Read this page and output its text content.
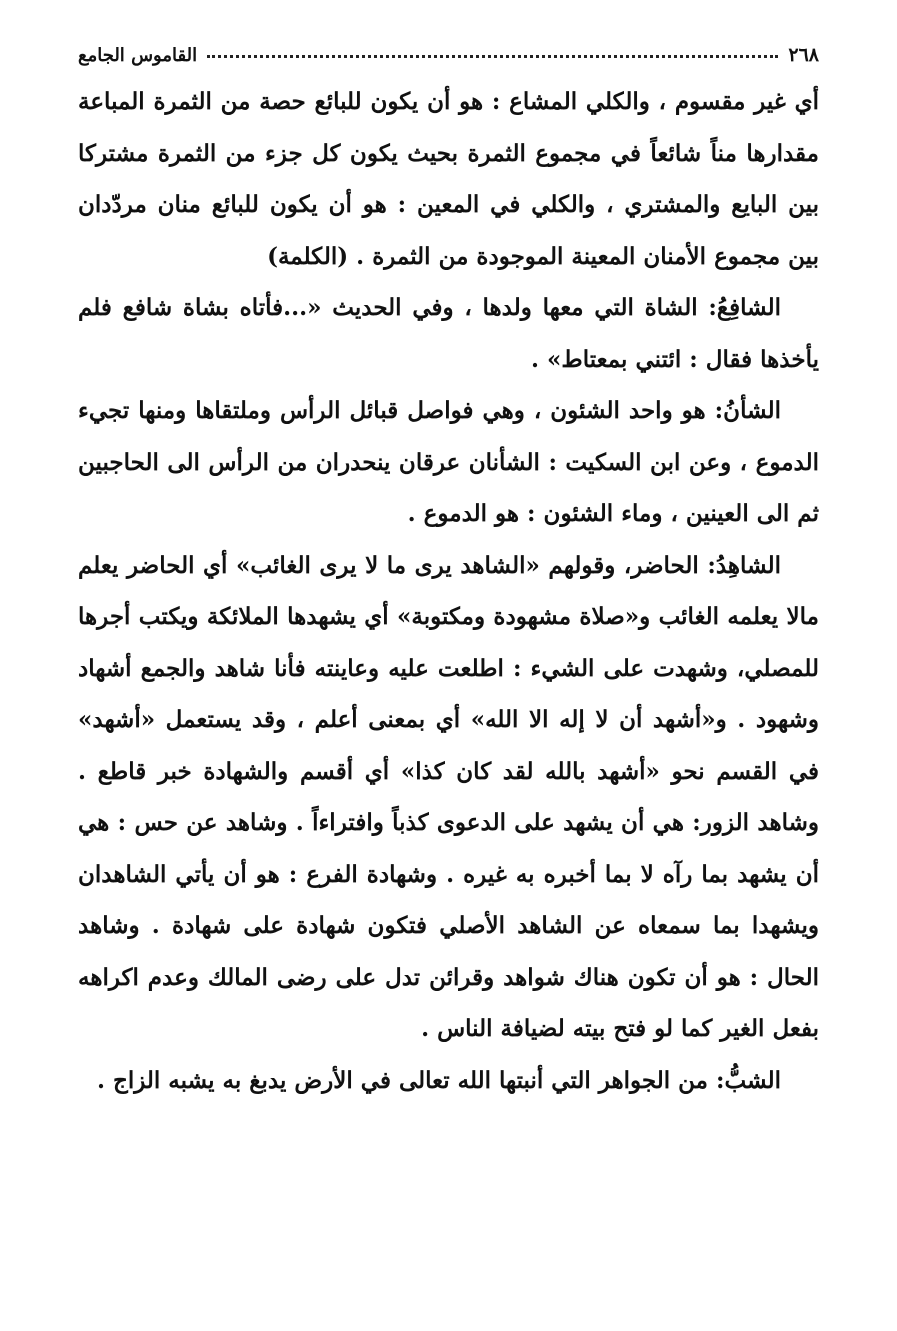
٢٦٨
القاموس الجامع

أي غير مقسوم ، والكلي المشاع : هو أن يكون للبائع حصة من الثمرة المباعة مقدارها مناً شائعاً في مجموع الثمرة بحيث يكون كل جزء من الثمرة مشتركا بين البايع والمشتري ، والكلي في المعين : هو أن يكون للبائع منان مردّدان بين مجموع الأمنان المعينة الموجودة من الثمرة . (الكلمة)

الشافِعُ: الشاة التي معها ولدها ، وفي الحديث «...فأتاه بشاة شافع فلم يأخذها فقال : ائتني بمعتاط» .

الشأنُ: هو واحد الشئون ، وهي فواصل قبائل الرأس وملتقاها ومنها تجيء الدموع ، وعن ابن السكيت : الشأنان عرقان ينحدران من الرأس الى الحاجبين ثم الى العينين ، وماء الشئون : هو الدموع .

الشاهِدُ: الحاضر، وقولهم «الشاهد يرى ما لا يرى الغائب» أي الحاضر يعلم مالا يعلمه الغائب و«صلاة مشهودة ومكتوبة» أي يشهدها الملائكة ويكتب أجرها للمصلي، وشهدت على الشيء : اطلعت عليه وعاينته فأنا شاهد والجمع أشهاد وشهود . و«أشهد أن لا إله الا الله» أي بمعنى أعلم ، وقد يستعمل «أشهد» في القسم نحو «أشهد بالله لقد كان كذا» أي أقسم والشهادة خبر قاطع . وشاهد الزور: هي أن يشهد على الدعوى كذباً وافتراءاً . وشاهد عن حس : هي أن يشهد بما رآه لا بما أخبره به غيره . وشهادة الفرع : هو أن يأتي الشاهدان ويشهدا بما سمعاه عن الشاهد الأصلي فتكون شهادة على شهادة . وشاهد الحال : هو أن تكون هناك شواهد وقرائن تدل على رضى المالك وعدم اكراهه بفعل الغير كما لو فتح بيته لضيافة الناس .

الشبُّ: من الجواهر التي أنبتها الله تعالى في الأرض يدبغ به يشبه الزاج .
